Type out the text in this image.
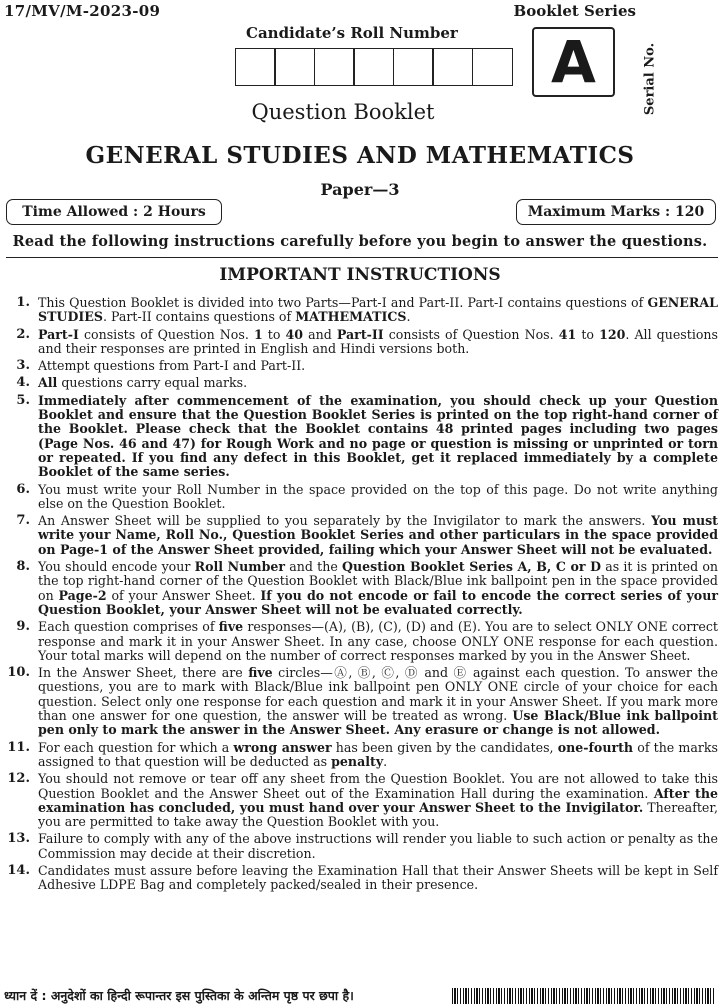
17/MV/M-2023-09	Booklet Series
Candidate’s Roll Number A	Serial No.
Question Booklet
GENERAL STUDIES AND MATHEMATICS
Paper—3
Time Allowed : 2 Hours	Maximum Marks : 120
Read the following instructions carefully before you begin to answer the questions.
IMPORTANT INSTRUCTIONS
1. This Question Booklet is divided into two Parts—Part-I and Part-II. Part-I contains questions of GENERAL STUDIES. Part-II contains questions of MATHEMATICS.
2. Part-I consists of Question Nos. 1 to 40 and Part-II consists of Question Nos. 41 to 120. All questions and their responses are printed in English and Hindi versions both.
3. Attempt questions from Part-I and Part-II.
4. All questions carry equal marks.
5. Immediately after commencement of the examination, you should check up your Question Booklet and ensure that the Question Booklet Series is printed on the top right-hand corner of the Booklet. Please check that the Booklet contains 48 printed pages including two pages (Page Nos. 46 and 47) for Rough Work and no page or question is missing or unprinted or torn or repeated. If you find any defect in this Booklet, get it replaced immediately by a complete Booklet of the same series.
6. You must write your Roll Number in the space provided on the top of this page. Do not write anything else on the Question Booklet.
7. An Answer Sheet will be supplied to you separately by the Invigilator to mark the answers. You must write your Name, Roll No., Question Booklet Series and other particulars in the space provided on Page-1 of the Answer Sheet provided, failing which your Answer Sheet will not be evaluated.
8. You should encode your Roll Number and the Question Booklet Series A, B, C or D as it is printed on the top right-hand corner of the Question Booklet with Black/Blue ink ballpoint pen in the space provided on Page-2 of your Answer Sheet. If you do not encode or fail to encode the correct series of your Question Booklet, your Answer Sheet will not be evaluated correctly.
9. Each question comprises of five responses—(A), (B), (C), (D) and (E). You are to select ONLY ONE correct response and mark it in your Answer Sheet. In any case, choose ONLY ONE response for each question. Your total marks will depend on the number of correct responses marked by you in the Answer Sheet.
10. In the Answer Sheet, there are five circles—Ⓐ, Ⓑ, Ⓒ, Ⓓ and Ⓔ against each question. To answer the questions, you are to mark with Black/Blue ink ballpoint pen ONLY ONE circle of your choice for each question. Select only one response for each question and mark it in your Answer Sheet. If you mark more than one answer for one question, the answer will be treated as wrong. Use Black/Blue ink ballpoint pen only to mark the answer in the Answer Sheet. Any erasure or change is not allowed.
11. For each question for which a wrong answer has been given by the candidates, one-fourth of the marks assigned to that question will be deducted as penalty.
12. You should not remove or tear off any sheet from the Question Booklet. You are not allowed to take this Question Booklet and the Answer Sheet out of the Examination Hall during the examination. After the examination has concluded, you must hand over your Answer Sheet to the Invigilator. Thereafter, you are permitted to take away the Question Booklet with you.
13. Failure to comply with any of the above instructions will render you liable to such action or penalty as the Commission may decide at their discretion.
14. Candidates must assure before leaving the Examination Hall that their Answer Sheets will be kept in Self Adhesive LDPE Bag and completely packed/sealed in their presence.
ध्यान दें : अनुदेशों का हिन्दी रूपान्तर इस पुस्तिका के अन्तिम पृष्ठ पर छपा है।
